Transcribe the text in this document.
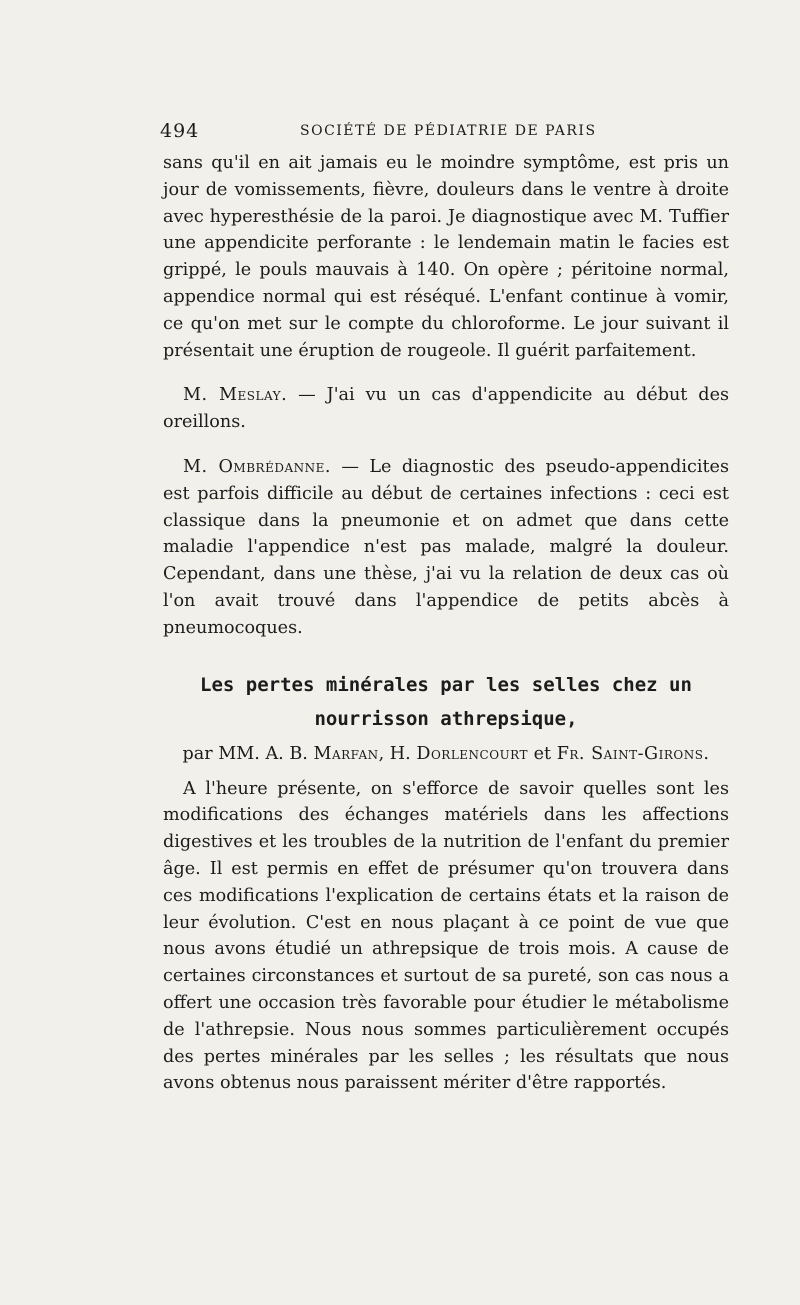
494	SOCIÉTÉ DE PÉDIATRIE DE PARIS

sans qu'il en ait jamais eu le moindre symptôme, est pris un jour de vomissements, fièvre, douleurs dans le ventre à droite avec hyperesthésie de la paroi. Je diagnostique avec M. Tuffier une appendicite perforante : le lendemain matin le facies est grippé, le pouls mauvais à 140. On opère ; péritoine normal, appendice normal qui est réséqué. L'enfant continue à vomir, ce qu'on met sur le compte du chloroforme. Le jour suivant il présentait une éruption de rougeole. Il guérit parfaitement.

M. Meslay. — J'ai vu un cas d'appendicite au début des oreillons.

M. Ombrédanne. — Le diagnostic des pseudo-appendicites est parfois difficile au début de certaines infections : ceci est classique dans la pneumonie et on admet que dans cette maladie l'appendice n'est pas malade, malgré la douleur. Cependant, dans une thèse, j'ai vu la relation de deux cas où l'on avait trouvé dans l'appendice de petits abcès à pneumocoques.

Les pertes minérales par les selles chez un

nourrisson athrepsique,

par MM. A. B. Marfan, H. Dorlencourt et Fr. Saint-Girons.

A l'heure présente, on s'efforce de savoir quelles sont les modifications des échanges matériels dans les affections digestives et les troubles de la nutrition de l'enfant du premier âge. Il est permis en effet de présumer qu'on trouvera dans ces modifications l'explication de certains états et la raison de leur évolution. C'est en nous plaçant à ce point de vue que nous avons étudié un athrepsique de trois mois. A cause de certaines circonstances et surtout de sa pureté, son cas nous a offert une occasion très favorable pour étudier le métabolisme de l'athrepsie. Nous nous sommes particulièrement occupés des pertes minérales par les selles ; les résultats que nous avons obtenus nous paraissent mériter d'être rapportés.
